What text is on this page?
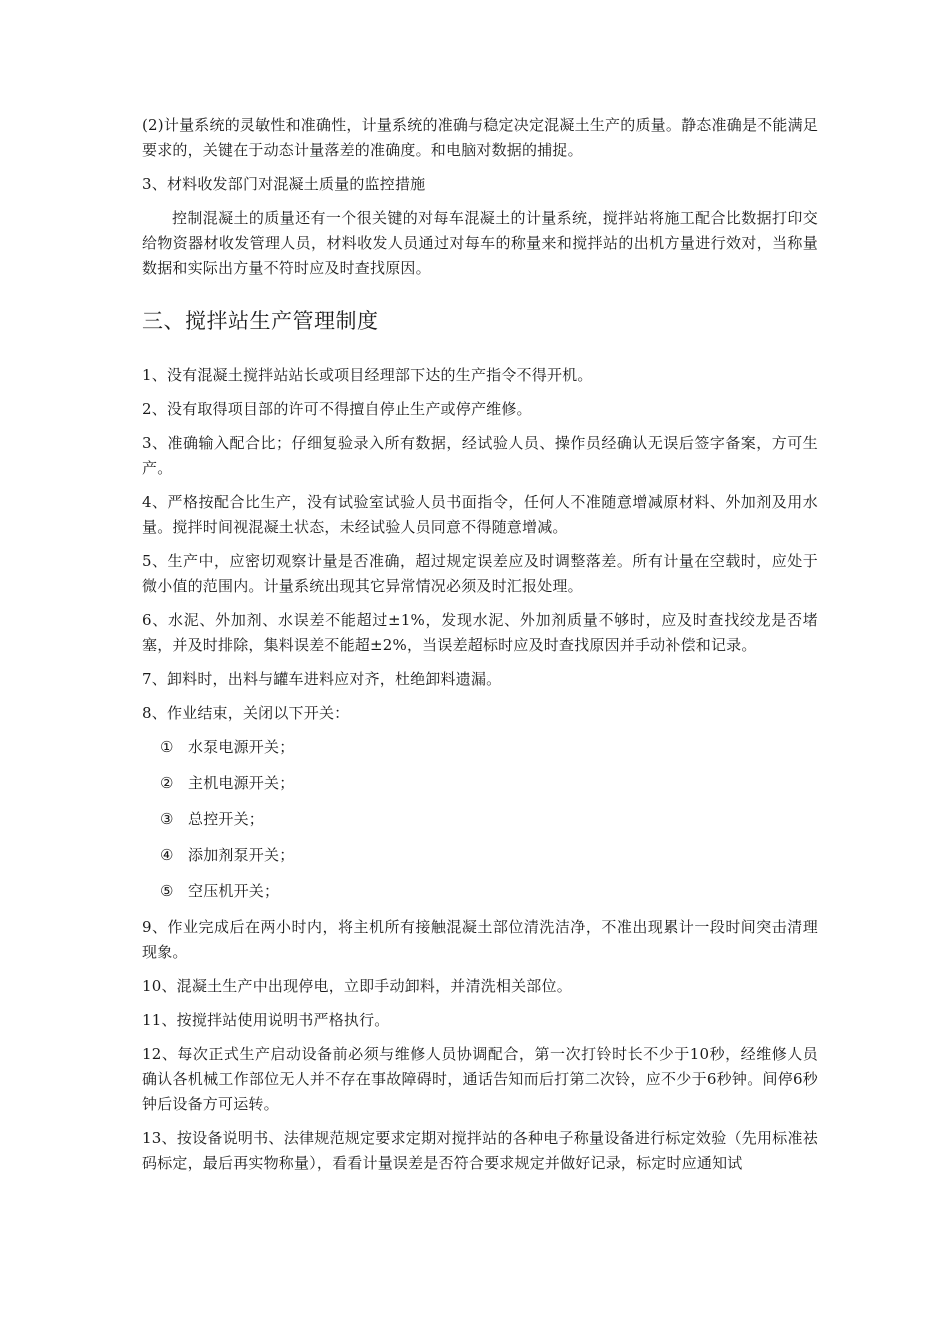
(2)计量系统的灵敏性和准确性，计量系统的准确与稳定决定混凝土生产的质量。静态准确是不能满足要求的，关键在于动态计量落差的准确度。和电脑对数据的捕捉。

3、材料收发部门对混凝土质量的监控措施

控制混凝土的质量还有一个很关键的对每车混凝土的计量系统，搅拌站将施工配合比数据打印交给物资器材收发管理人员，材料收发人员通过对每车的称量来和搅拌站的出机方量进行效对，当称量数据和实际出方量不符时应及时查找原因。

三、搅拌站生产管理制度

1、没有混凝土搅拌站站长或项目经理部下达的生产指令不得开机。

2、没有取得项目部的许可不得擅自停止生产或停产维修。

3、准确输入配合比；仔细复验录入所有数据，经试验人员、操作员经确认无误后签字备案，方可生产。

4、严格按配合比生产，没有试验室试验人员书面指令，任何人不准随意增减原材料、外加剂及用水量。搅拌时间视混凝土状态，未经试验人员同意不得随意增减。

5、生产中，应密切观察计量是否准确，超过规定误差应及时调整落差。所有计量在空载时，应处于微小值的范围内。计量系统出现其它异常情况必须及时汇报处理。

6、水泥、外加剂、水误差不能超过±1%，发现水泥、外加剂质量不够时，应及时查找绞龙是否堵塞，并及时排除，集料误差不能超±2%，当误差超标时应及时查找原因并手动补偿和记录。

7、卸料时，出料与罐车进料应对齐，杜绝卸料遗漏。

8、作业结束，关闭以下开关：

① 水泵电源开关；
② 主机电源开关；
③ 总控开关；
④ 添加剂泵开关；
⑤ 空压机开关；

9、作业完成后在两小时内，将主机所有接触混凝土部位清洗洁净，不准出现累计一段时间突击清理现象。

10、混凝土生产中出现停电，立即手动卸料，并清洗相关部位。

11、按搅拌站使用说明书严格执行。

12、每次正式生产启动设备前必须与维修人员协调配合，第一次打铃时长不少于10秒，经维修人员确认各机械工作部位无人并不存在事故障碍时，通话告知而后打第二次铃，应不少于6秒钟。间停6秒钟后设备方可运转。

13、按设备说明书、法律规范规定要求定期对搅拌站的各种电子称量设备进行标定效验（先用标准祛码标定，最后再实物称量），看看计量误差是否符合要求规定并做好记录，标定时应通知试
